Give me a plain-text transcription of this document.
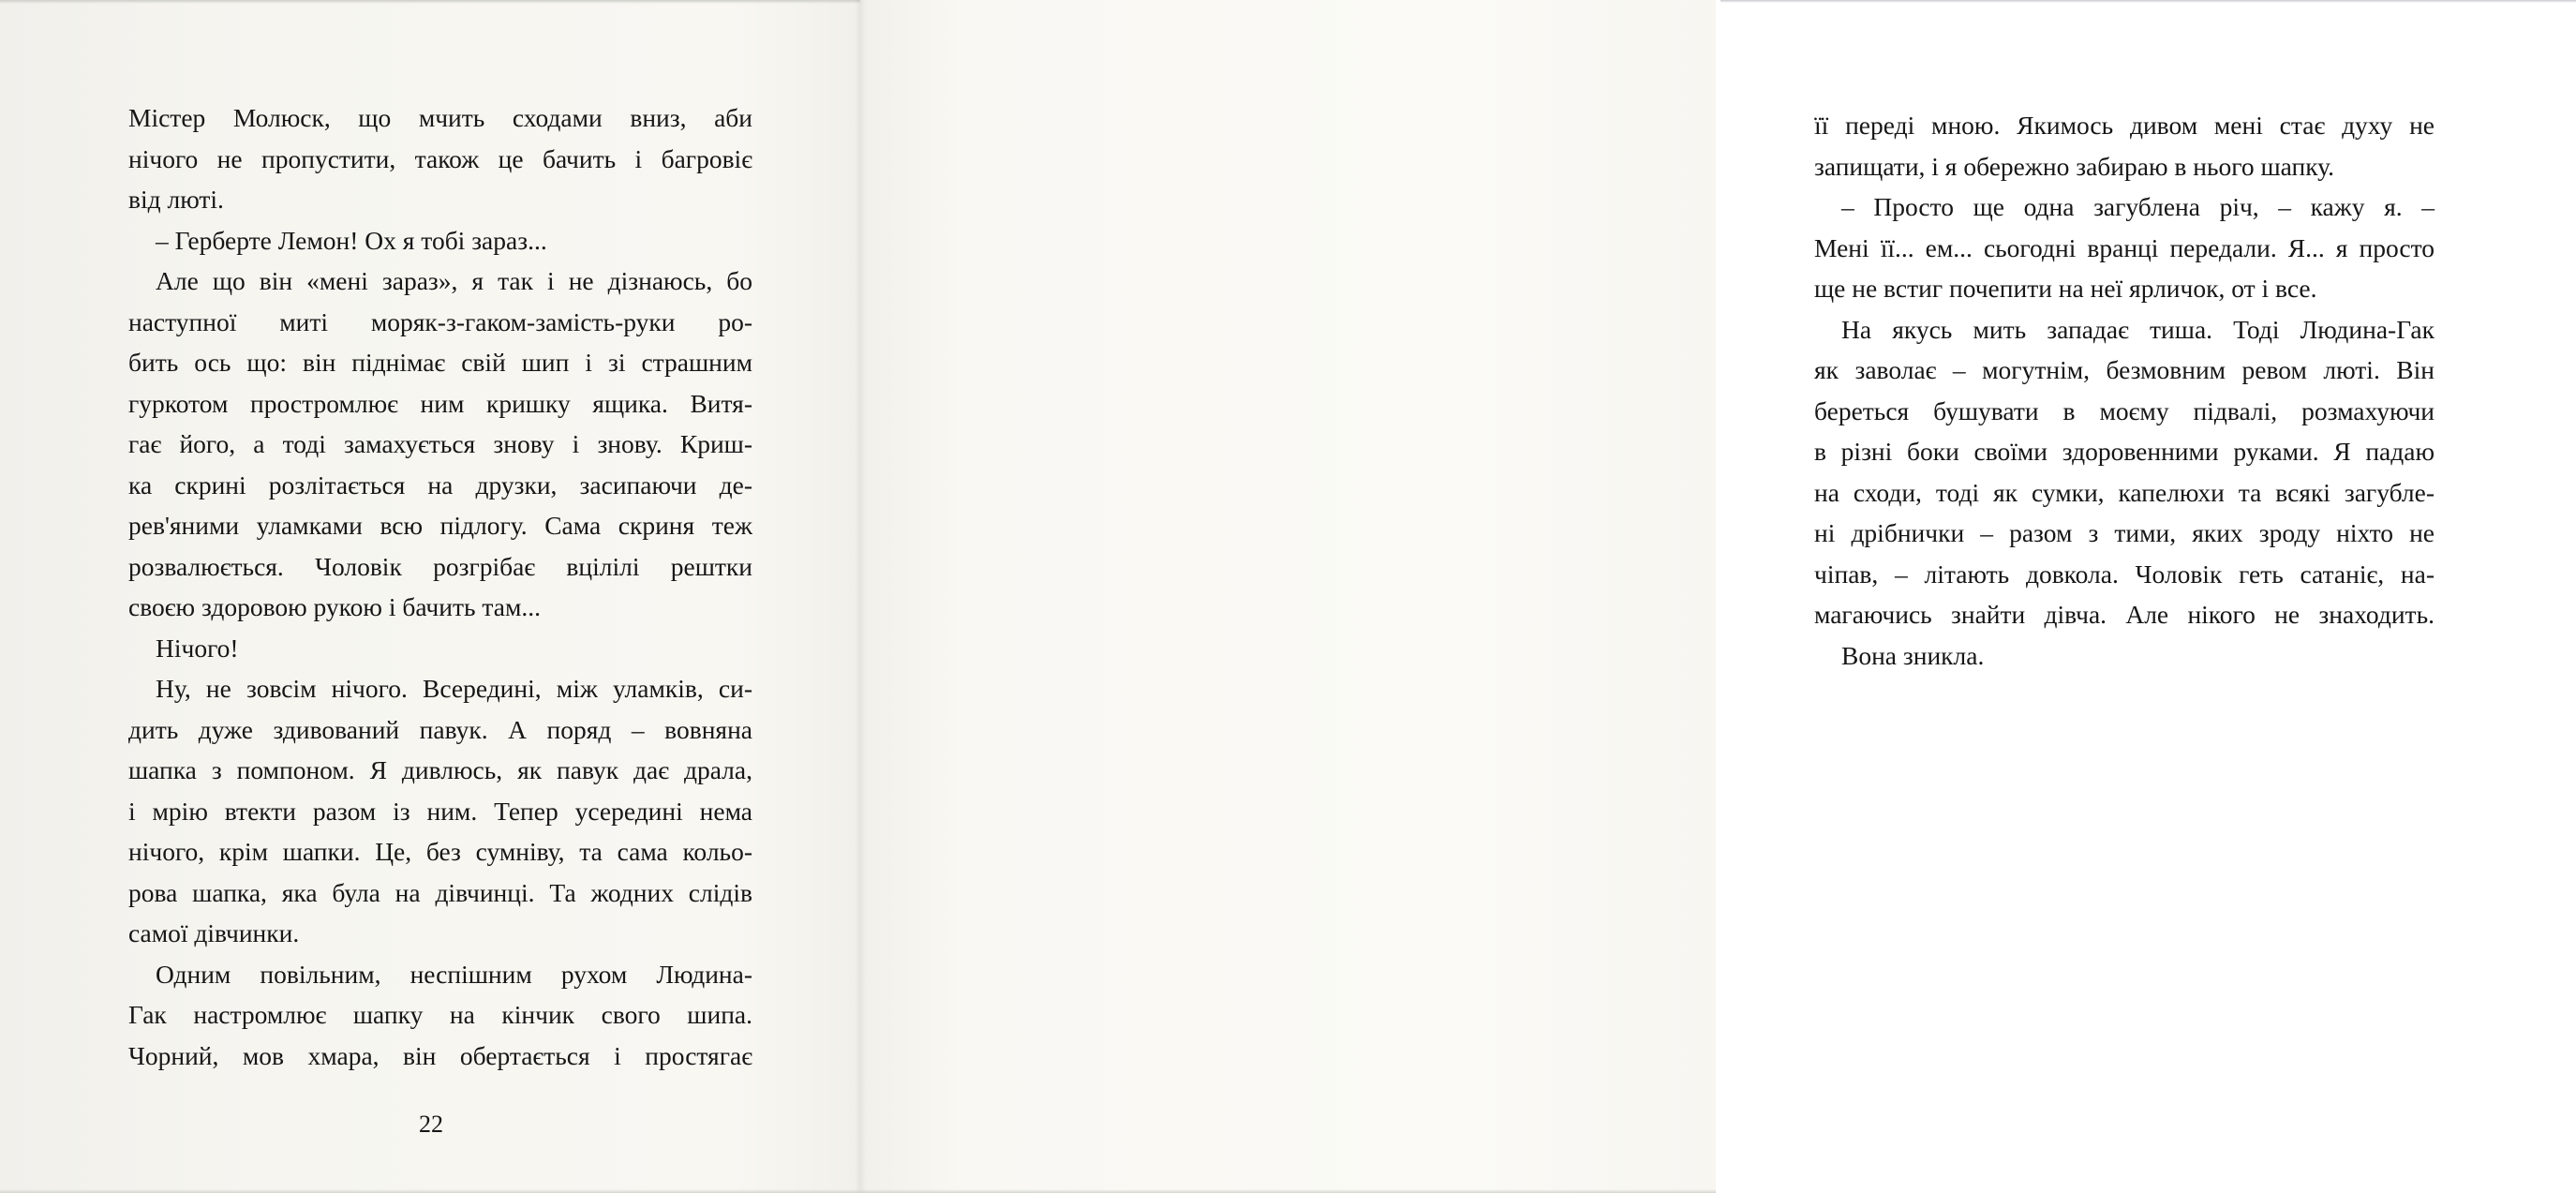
Містер Молюск, що мчить сходами вниз, аби
нічого не пропустити, також це бачить і багровіє
від люті.
– Герберте Лемон! Ох я тобі зараз...
Але що він «мені зараз», я так і не дізнаюсь, бо
наступної миті моряк-з-гаком-замість-руки ро-
бить ось що: він піднімає свій шип і зі страшним
гуркотом простромлює ним кришку ящика. Витя-
гає його, а тоді замахується знову і знову. Криш-
ка скрині розлітається на друзки, засипаючи де-
рев'яними уламками всю підлогу. Сама скриня теж
розвалюється. Чоловік розгрібає вцілілі рештки
своєю здоровою рукою і бачить там...
Нічого!
Ну, не зовсім нічого. Всередині, між уламків, си-
дить дуже здивований павук. А поряд – вовняна
шапка з помпоном. Я дивлюсь, як павук дає драла,
і мрію втекти разом із ним. Тепер усередині нема
нічого, крім шапки. Це, без сумніву, та сама кольо-
рова шапка, яка була на дівчинці. Та жодних слідів
самої дівчинки.
Одним повільним, неспішним рухом Людина-
Гак настромлює шапку на кінчик свого шипа.
Чорний, мов хмара, він обертається і простягає
22
її переді мною. Якимось дивом мені стає духу не
запищати, і я обережно забираю в нього шапку.
– Просто ще одна загублена річ, – кажу я. –
Мені її... ем... сьогодні вранці передали. Я... я просто
ще не встиг почепити на неї ярличок, от і все.
На якусь мить западає тиша. Тоді Людина-Гак
як заволає – могутнім, безмовним ревом люті. Він
береться бушувати в моєму підвалі, розмахуючи
в різні боки своїми здоровенними руками. Я падаю
на сходи, тоді як сумки, капелюхи та всякі загубле-
ні дрібнички – разом з тими, яких зроду ніхто не
чіпав, – літають довкола. Чоловік геть сатаніє, на-
магаючись знайти дівча. Але нікого не знаходить.
Вона зникла.
